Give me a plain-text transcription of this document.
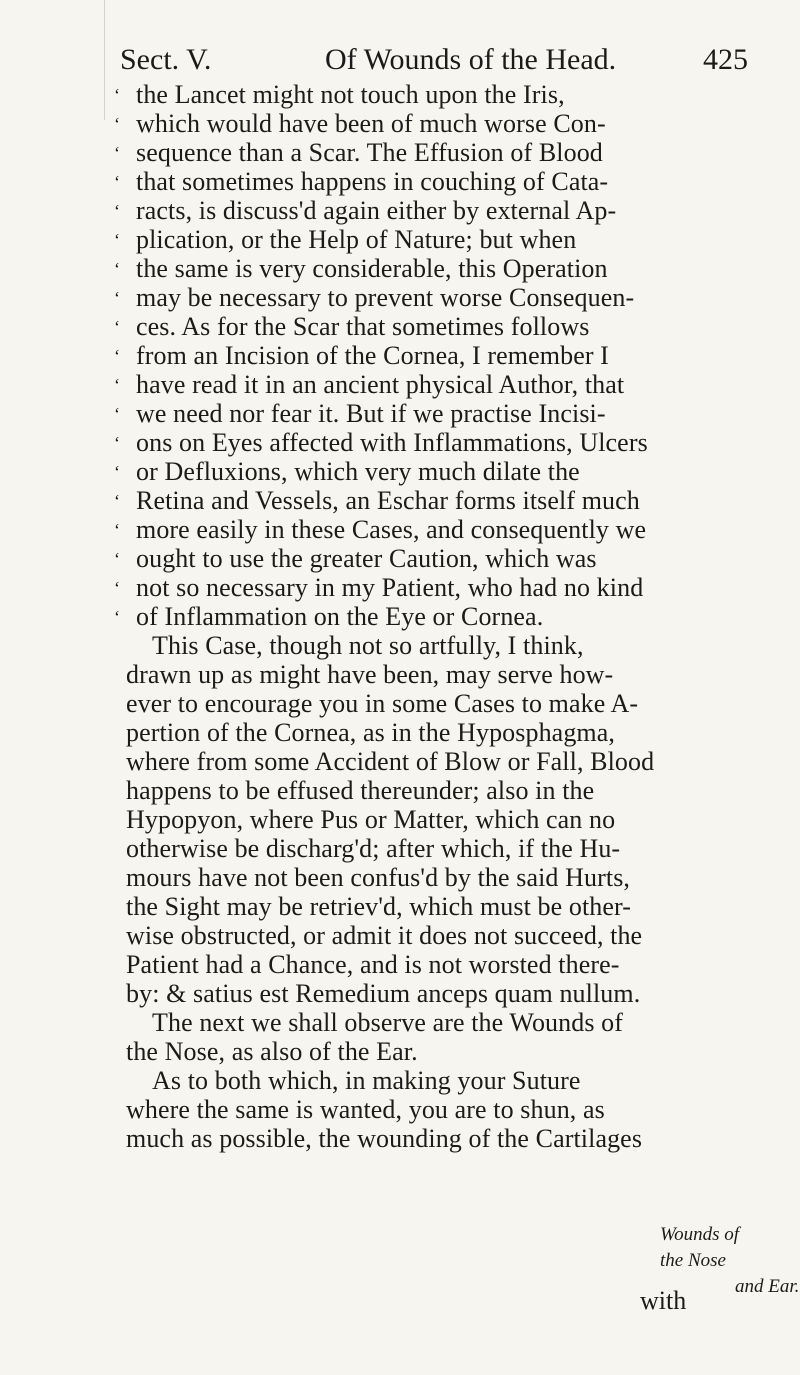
Sect. V.	Of Wounds of the Head.	425
‘ the Lancet might not touch upon the Iris,
‘ which would have been of much worse Con-
‘ sequence than a Scar. The Effusion of Blood
‘ that sometimes happens in couching of Cata-
‘ racts, is discuss'd again either by external Ap-
‘ plication, or the Help of Nature; but when
‘ the same is very considerable, this Operation
‘ may be necessary to prevent worse Consequen-
‘ ces. As for the Scar that sometimes follows
‘ from an Incision of the Cornea, I remember I
‘ have read it in an ancient physical Author, that
‘ we need nor fear it. But if we practise Incisi-
‘ ons on Eyes affected with Inflammations, Ulcers
‘ or Defluxions, which very much dilate the
‘ Retina and Vessels, an Eschar forms itself much
‘ more easily in these Cases, and consequently we
‘ ought to use the greater Caution, which was
‘ not so necessary in my Patient, who had no kind
‘ of Inflammation on the Eye or Cornea.
This Case, though not so artfully, I think,
drawn up as might have been, may serve how-
ever to encourage you in some Cases to make A-
pertion of the Cornea, as in the Hyposphagma,
where from some Accident of Blow or Fall, Blood
happens to be effused thereunder; also in the
Hypopyon, where Pus or Matter, which can no
otherwise be discharg'd; after which, if the Hu-
mours have not been confus'd by the said Hurts,
the Sight may be retriev'd, which must be other-
wise obstructed, or admit it does not succeed, the
Patient had a Chance, and is not worsted there-
by: & satius est Remedium anceps quam nullum.
The next we shall observe are the Wounds of
the Nose, as also of the Ear.
As to both which, in making your Suture
where the same is wanted, you are to shun, as
much as possible, the wounding of the Cartilages
Wounds of
the Nose
and Ear.
with
